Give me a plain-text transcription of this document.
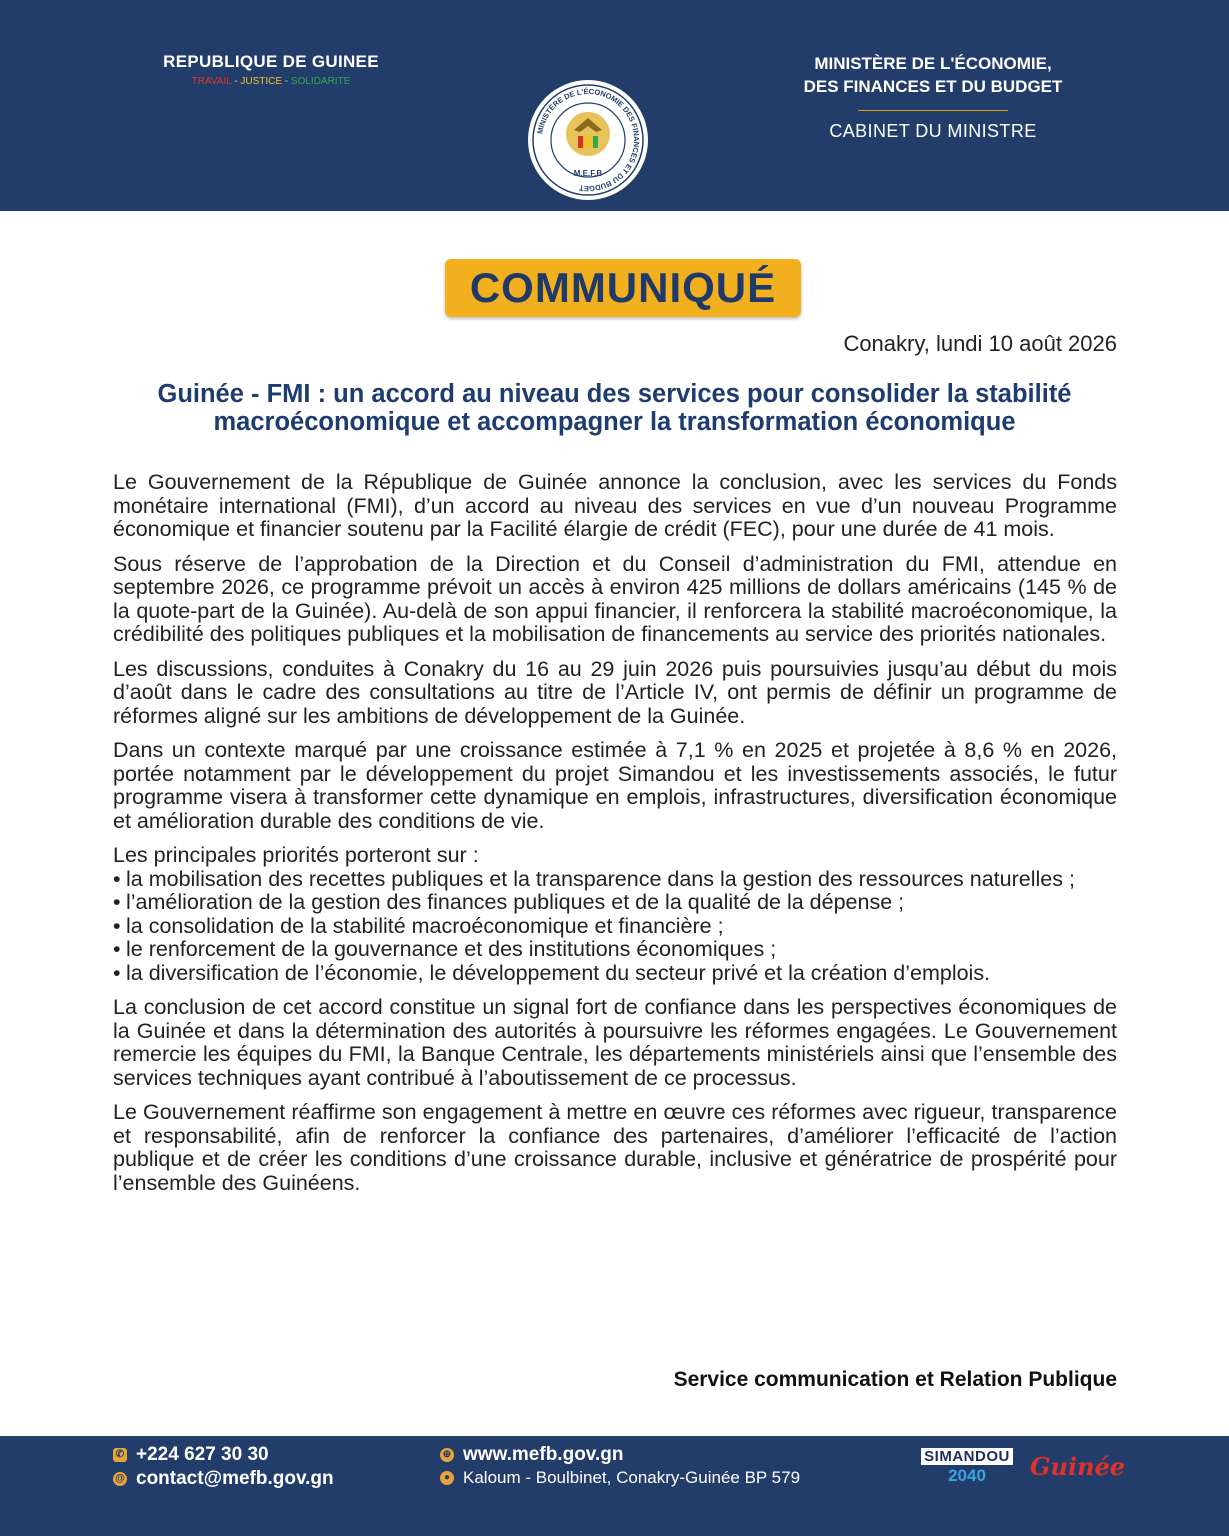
REPUBLIQUE DE GUINEE
TRAVAIL - JUSTICE - SOLIDARITE
MINISTÈRE DE L'ÉCONOMIE DES FINANCES ET DU BUDGET
M.E.F.B
MINISTÈRE DE L'ÉCONOMIE,
DES FINANCES ET DU BUDGET
CABINET DU MINISTRE
COMMUNIQUÉ
Conakry, lundi 10 août 2026
Guinée - FMI : un accord au niveau des services pour consolider la stabilité macroéconomique et accompagner la transformation économique

Le Gouvernement de la République de Guinée annonce la conclusion, avec les services du Fonds monétaire international (FMI), d’un accord au niveau des services en vue d’un nouveau Programme économique et financier soutenu par la Facilité élargie de crédit (FEC), pour une durée de 41 mois.

Sous réserve de l’approbation de la Direction et du Conseil d’administration du FMI, attendue en septembre 2026, ce programme prévoit un accès à environ 425 millions de dollars américains (145 % de la quote-part de la Guinée). Au-delà de son appui financier, il renforcera la stabilité macroéconomique, la crédibilité des politiques publiques et la mobilisation de financements au service des priorités nationales.

Les discussions, conduites à Conakry du 16 au 29 juin 2026 puis poursuivies jusqu’au début du mois d’août dans le cadre des consultations au titre de l’Article IV, ont permis de définir un programme de réformes aligné sur les ambitions de développement de la Guinée.

Dans un contexte marqué par une croissance estimée à 7,1 % en 2025 et projetée à 8,6 % en 2026, portée notamment par le développement du projet Simandou et les investissements associés, le futur programme visera à transformer cette dynamique en emplois, infrastructures, diversification économique et amélioration durable des conditions de vie.

Les principales priorités porteront sur :

• la mobilisation des recettes publiques et la transparence dans la gestion des ressources naturelles ;
• l’amélioration de la gestion des finances publiques et de la qualité de la dépense ;
• la consolidation de la stabilité macroéconomique et financière ;
• le renforcement de la gouvernance et des institutions économiques ;
• la diversification de l’économie, le développement du secteur privé et la création d’emplois.

La conclusion de cet accord constitue un signal fort de confiance dans les perspectives économiques de la Guinée et dans la détermination des autorités à poursuivre les réformes engagées. Le Gouvernement remercie les équipes du FMI, la Banque Centrale, les départements ministériels ainsi que l’ensemble des services techniques ayant contribué à l’aboutissement de ce processus.

Le Gouvernement réaffirme son engagement à mettre en œuvre ces réformes avec rigueur, transparence et responsabilité, afin de renforcer la confiance des partenaires, d’améliorer l’efficacité de l’action publique et de créer les conditions d’une croissance durable, inclusive et génératrice de prospérité pour l’ensemble des Guinéens.

Service communication et Relation Publique
✆ +224 627 30 30
@ contact@mefb.gov.gn
⊕ www.mefb.gov.gn
● Kaloum - Boulbinet, Conakry-Guinée BP 579
SIMANDOU
2040	Guinée
